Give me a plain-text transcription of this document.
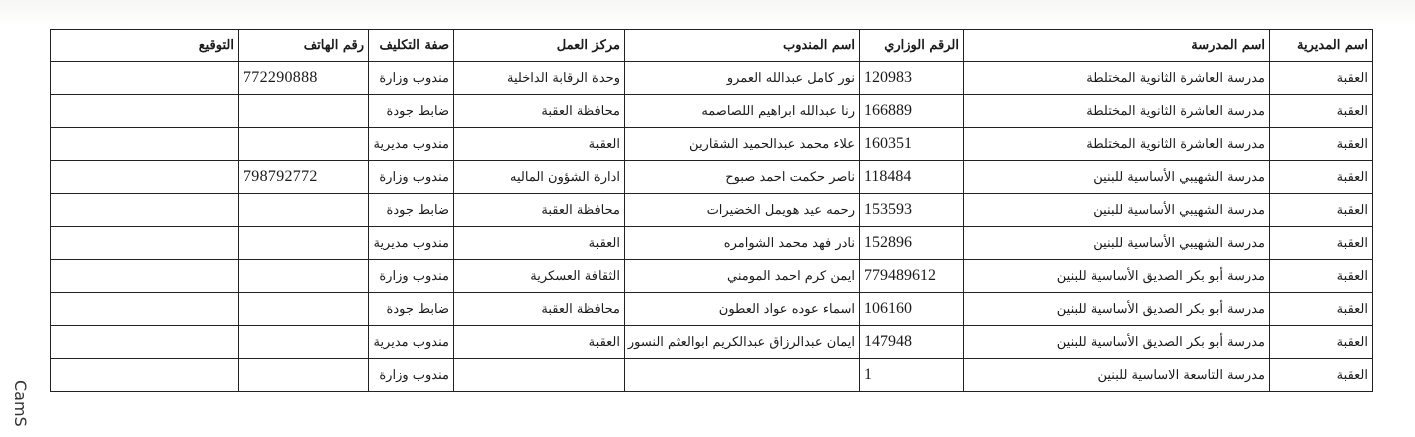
اسم المديرية	اسم المدرسة	الرقم الوزاري	اسم المندوب	مركز العمل	صفة التكليف	رقم الهاتف	التوقيع
العقبة	مدرسة العاشرة الثانوية المختلطة	120983	نور كامل عبدالله العمرو	وحدة الرقابة الداخلية	مندوب وزارة	772290888	
العقبة	مدرسة العاشرة الثانوية المختلطة	166889	رنا عبدالله ابراهيم اللصاصمه	محافظة العقبة	ضابط جودة		
العقبة	مدرسة العاشرة الثانوية المختلطة	160351	علاء محمد عبدالحميد الشقارين	العقبة	مندوب مديرية		
العقبة	مدرسة الشهيبي الأساسية للبنين	118484	ناصر حكمت احمد صبوح	ادارة الشؤون الماليه	مندوب وزارة	798792772	
العقبة	مدرسة الشهيبي الأساسية للبنين	153593	رحمه عيد هويمل الخضيرات	محافظة العقبة	ضابط جودة		
العقبة	مدرسة الشهيبي الأساسية للبنين	152896	نادر فهد محمد الشوامره	العقبة	مندوب مديرية		
العقبة	مدرسة أبو بكر الصديق الأساسية للبنين	779489612	ايمن كرم احمد المومني	الثقافة العسكرية	مندوب وزارة		
العقبة	مدرسة أبو بكر الصديق الأساسية للبنين	106160	اسماء عوده عواد العطون	محافظة العقبة	ضابط جودة		
العقبة	مدرسة أبو بكر الصديق الأساسية للبنين	147948	ايمان عبدالرزاق عبدالكريم ابوالعثم النسور	العقبة	مندوب مديرية		
العقبة	مدرسة التاسعة الاساسية للبنين	1			مندوب وزارة		
CamS
